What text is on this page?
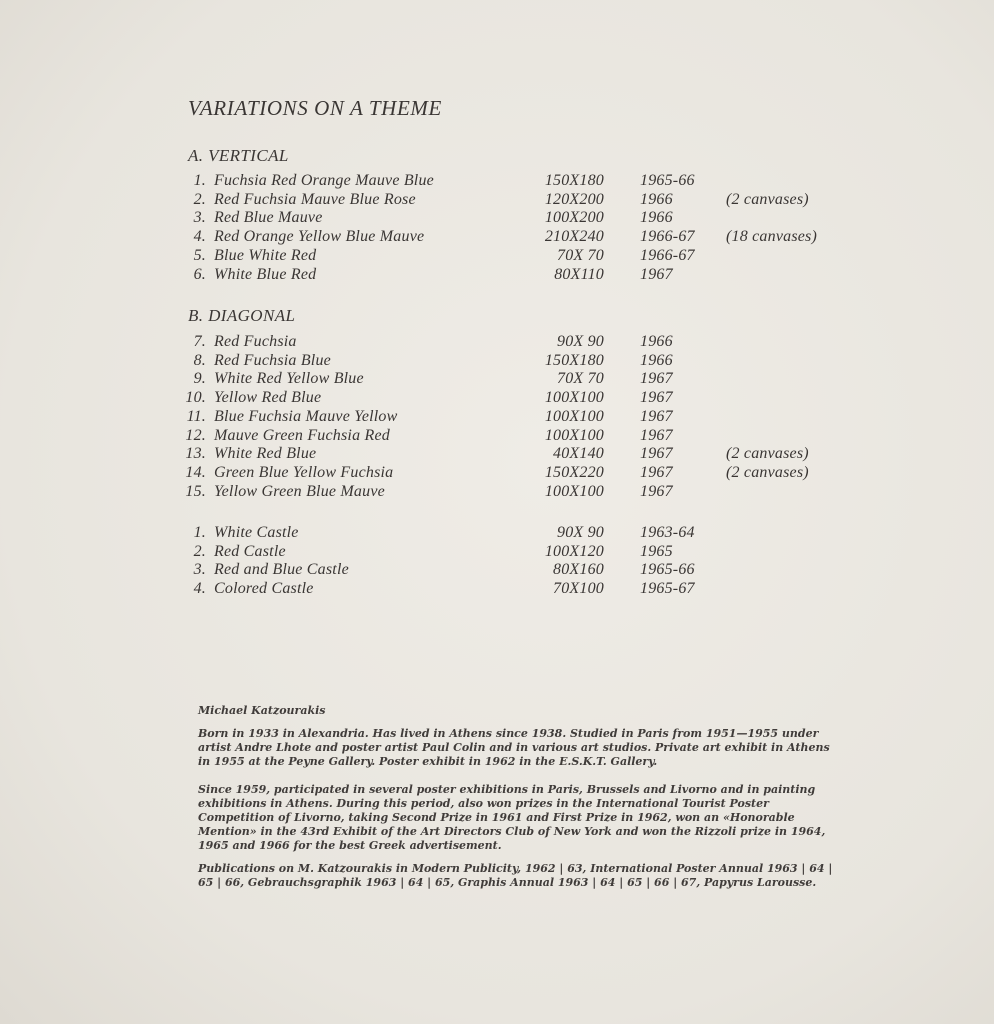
VARIATIONS ON A THEME
A. VERTICAL
1. Fuchsia Red Orange Mauve Blue	150X180 1965-66
2. Red Fuchsia Mauve Blue Rose	120X200 1966	(2 canvases)
3. Red Blue Mauve	100X200 1966
4. Red Orange Yellow Blue Mauve	210X240 1966-67 (18 canvases)
5. Blue White Red	70X 70 1966-67
6. White Blue Red	80X110 1967
B. DIAGONAL
7. Red Fuchsia	90X 90 1966
8. Red Fuchsia Blue	150X180 1966
9. White Red Yellow Blue	70X 70 1967
10. Yellow Red Blue	100X100 1967
11. Blue Fuchsia Mauve Yellow	100X100 1967
12. Mauve Green Fuchsia Red	100X100 1967
13. White Red Blue	40X140 1967	(2 canvases)
14. Green Blue Yellow Fuchsia	150X220 1967	(2 canvases)
15. Yellow Green Blue Mauve	100X100 1967
1. White Castle	90X 90 1963-64
2. Red Castle	100X120 1965
3. Red and Blue Castle	80X160 1965-66
4. Colored Castle	70X100 1965-67
Michael Katzourakis
Born in 1933 in Alexandria. Has lived in Athens since 1938. Studied in Paris from 1951—1955 under artist Andre Lhote and poster artist Paul Colin and in various art studios. Private art exhibit in Athens in 1955 at the Peyne Gallery. Poster exhibit in 1962 in the E.S.K.T. Gallery.
Since 1959, participated in several poster exhibitions in Paris, Brussels and Livorno and in painting exhibitions in Athens. During this period, also won prizes in the International Tourist Poster Competition of Livorno, taking Second Prize in 1961 and First Prize in 1962, won an «Honorable Mention» in the 43rd Exhibit of the Art Directors Club of New York and won the Rizzoli prize in 1964, 1965 and 1966 for the best Greek advertisement.
Publications on M. Katzourakis in Modern Publicity, 1962 | 63, International Poster Annual 1963 | 64 | 65 | 66, Gebrauchsgraphik 1963 | 64 | 65, Graphis Annual 1963 | 64 | 65 | 66 | 67, Papyrus Larousse.
